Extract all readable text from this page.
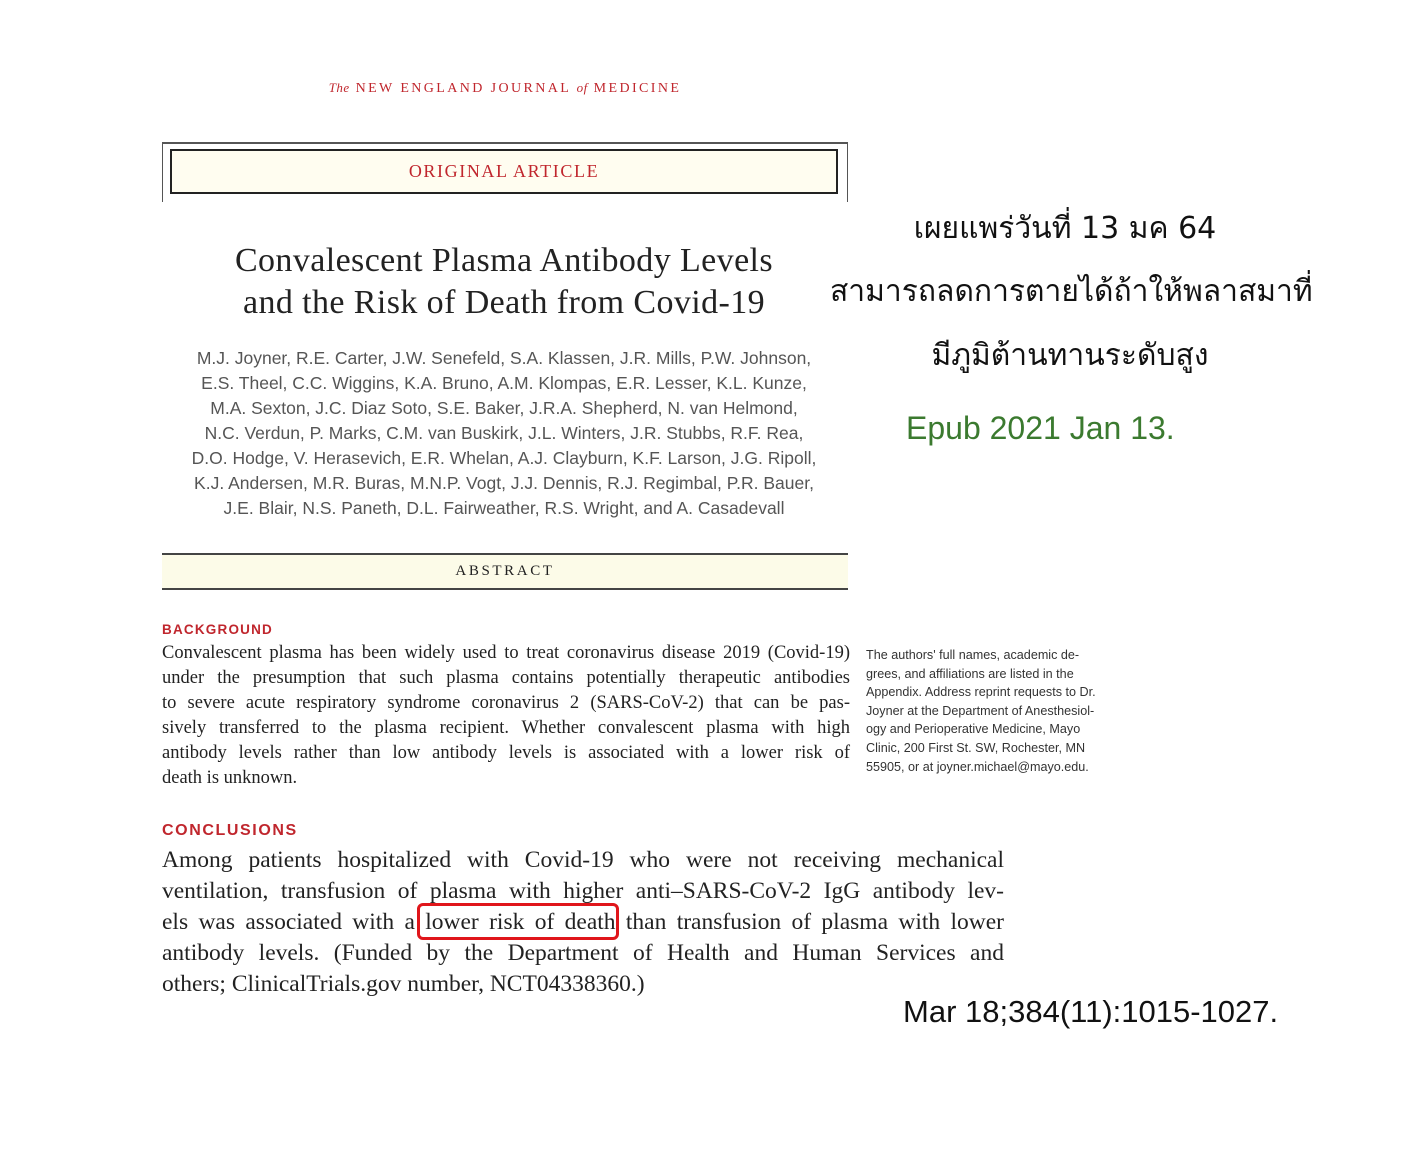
The NEW ENGLAND JOURNAL of MEDICINE
ORIGINAL ARTICLE
Convalescent Plasma Antibody Levels
and the Risk of Death from Covid-19
M.J. Joyner, R.E. Carter, J.W. Senefeld, S.A. Klassen, J.R. Mills, P.W. Johnson,
E.S. Theel, C.C. Wiggins, K.A. Bruno, A.M. Klompas, E.R. Lesser, K.L. Kunze,
M.A. Sexton, J.C. Diaz Soto, S.E. Baker, J.R.A. Shepherd, N. van Helmond,
N.C. Verdun, P. Marks, C.M. van Buskirk, J.L. Winters, J.R. Stubbs, R.F. Rea,
D.O. Hodge, V. Herasevich, E.R. Whelan, A.J. Clayburn, K.F. Larson, J.G. Ripoll,
K.J. Andersen, M.R. Buras, M.N.P. Vogt, J.J. Dennis, R.J. Regimbal, P.R. Bauer,
J.E. Blair, N.S. Paneth, D.L. Fairweather, R.S. Wright, and A. Casadevall
ABSTRACT
BACKGROUND
Convalescent plasma has been widely used to treat coronavirus disease 2019 (Covid-19)
under the presumption that such plasma contains potentially therapeutic antibodies
to severe acute respiratory syndrome coronavirus 2 (SARS-CoV-2) that can be pas-
sively transferred to the plasma recipient. Whether convalescent plasma with high
antibody levels rather than low antibody levels is associated with a lower risk of
death is unknown.
The authors' full names, academic de-
grees, and affiliations are listed in the
Appendix. Address reprint requests to Dr.
Joyner at the Department of Anesthesiol-
ogy and Perioperative Medicine, Mayo
Clinic, 200 First St. SW, Rochester, MN
55905, or at joyner.michael@mayo.edu.
CONCLUSIONS
Among patients hospitalized with Covid-19 who were not receiving mechanical
ventilation, transfusion of plasma with higher anti–SARS-CoV-2 IgG antibody lev-
els was associated with a lower risk of death than transfusion of plasma with lower
antibody levels. (Funded by the Department of Health and Human Services and
others; ClinicalTrials.gov number, NCT04338360.)
เผยแพร่วันที่ 13 มค 64
สามารถลดการตายได้ถ้าให้พลาสมาที่
มีภูมิต้านทานระดับสูง
Epub 2021 Jan 13.
Mar 18;384(11):1015-1027.
